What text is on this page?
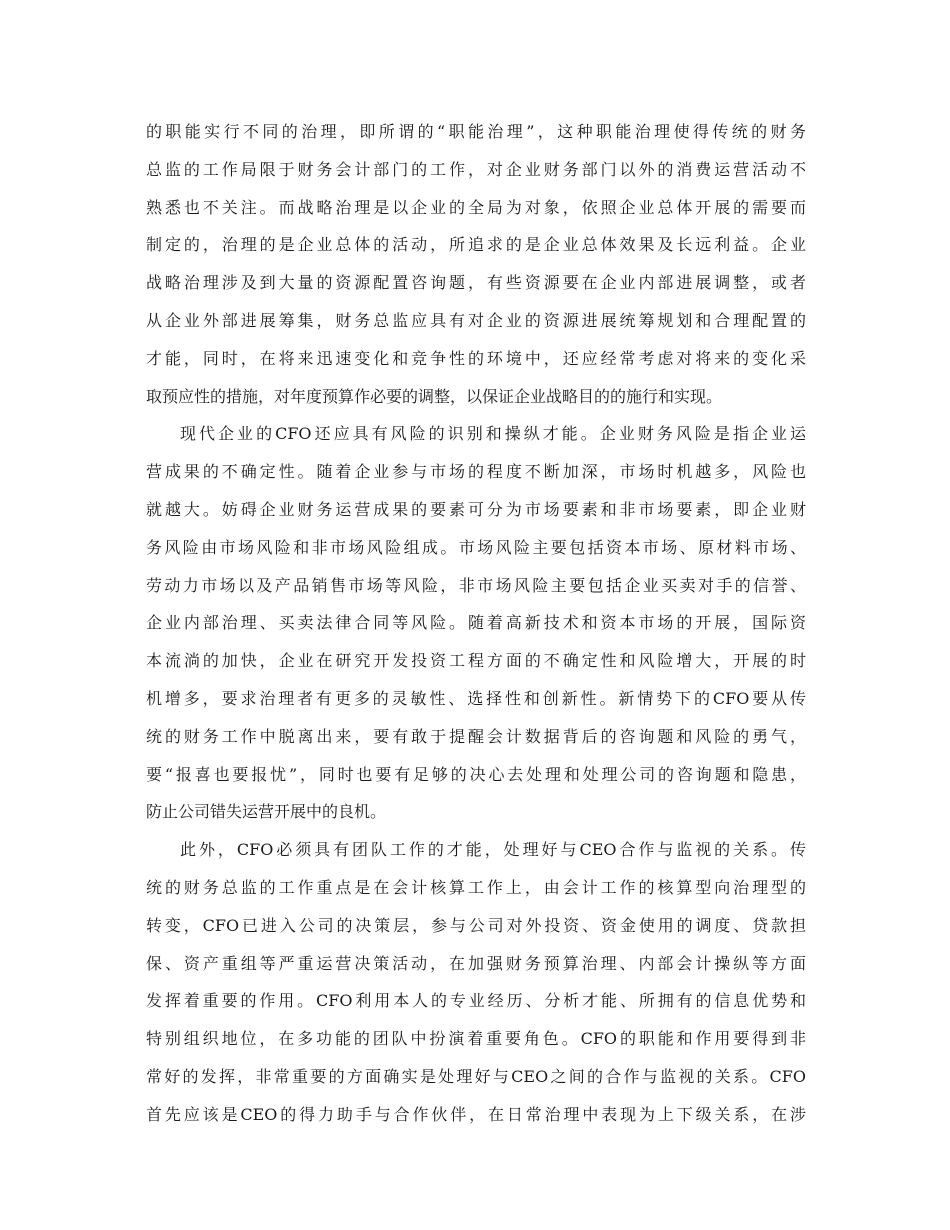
的职能实行不同的治理，即所谓的“职能治理”，这种职能治理使得传统的财务
总监的工作局限于财务会计部门的工作，对企业财务部门以外的消费运营活动不
熟悉也不关注。而战略治理是以企业的全局为对象，依照企业总体开展的需要而
制定的，治理的是企业总体的活动，所追求的是企业总体效果及长远利益。企业
战略治理涉及到大量的资源配置咨询题，有些资源要在企业内部进展调整，或者
从企业外部进展筹集，财务总监应具有对企业的资源进展统筹规划和合理配置的
才能，同时，在将来迅速变化和竞争性的环境中，还应经常考虑对将来的变化采
取预应性的措施，对年度预算作必要的调整，以保证企业战略目的的施行和实现。
现代企业的CFO还应具有风险的识别和操纵才能。企业财务风险是指企业运
营成果的不确定性。随着企业参与市场的程度不断加深，市场时机越多，风险也
就越大。妨碍企业财务运营成果的要素可分为市场要素和非市场要素，即企业财
务风险由市场风险和非市场风险组成。市场风险主要包括资本市场、原材料市场、
劳动力市场以及产品销售市场等风险，非市场风险主要包括企业买卖对手的信誉、
企业内部治理、买卖法律合同等风险。随着高新技术和资本市场的开展，国际资
本流淌的加快，企业在研究开发投资工程方面的不确定性和风险增大，开展的时
机增多，要求治理者有更多的灵敏性、选择性和创新性。新情势下的CFO要从传
统的财务工作中脱离出来，要有敢于提醒会计数据背后的咨询题和风险的勇气，
要“报喜也要报忧”，同时也要有足够的决心去处理和处理公司的咨询题和隐患，
防止公司错失运营开展中的良机。
此外，CFO必须具有团队工作的才能，处理好与CEO合作与监视的关系。传
统的财务总监的工作重点是在会计核算工作上，由会计工作的核算型向治理型的
转变，CFO已进入公司的决策层，参与公司对外投资、资金使用的调度、贷款担
保、资产重组等严重运营决策活动，在加强财务预算治理、内部会计操纵等方面
发挥着重要的作用。CFO利用本人的专业经历、分析才能、所拥有的信息优势和
特别组织地位，在多功能的团队中扮演着重要角色。CFO的职能和作用要得到非
常好的发挥，非常重要的方面确实是处理好与CEO之间的合作与监视的关系。CFO
首先应该是CEO的得力助手与合作伙伴，在日常治理中表现为上下级关系，在涉
